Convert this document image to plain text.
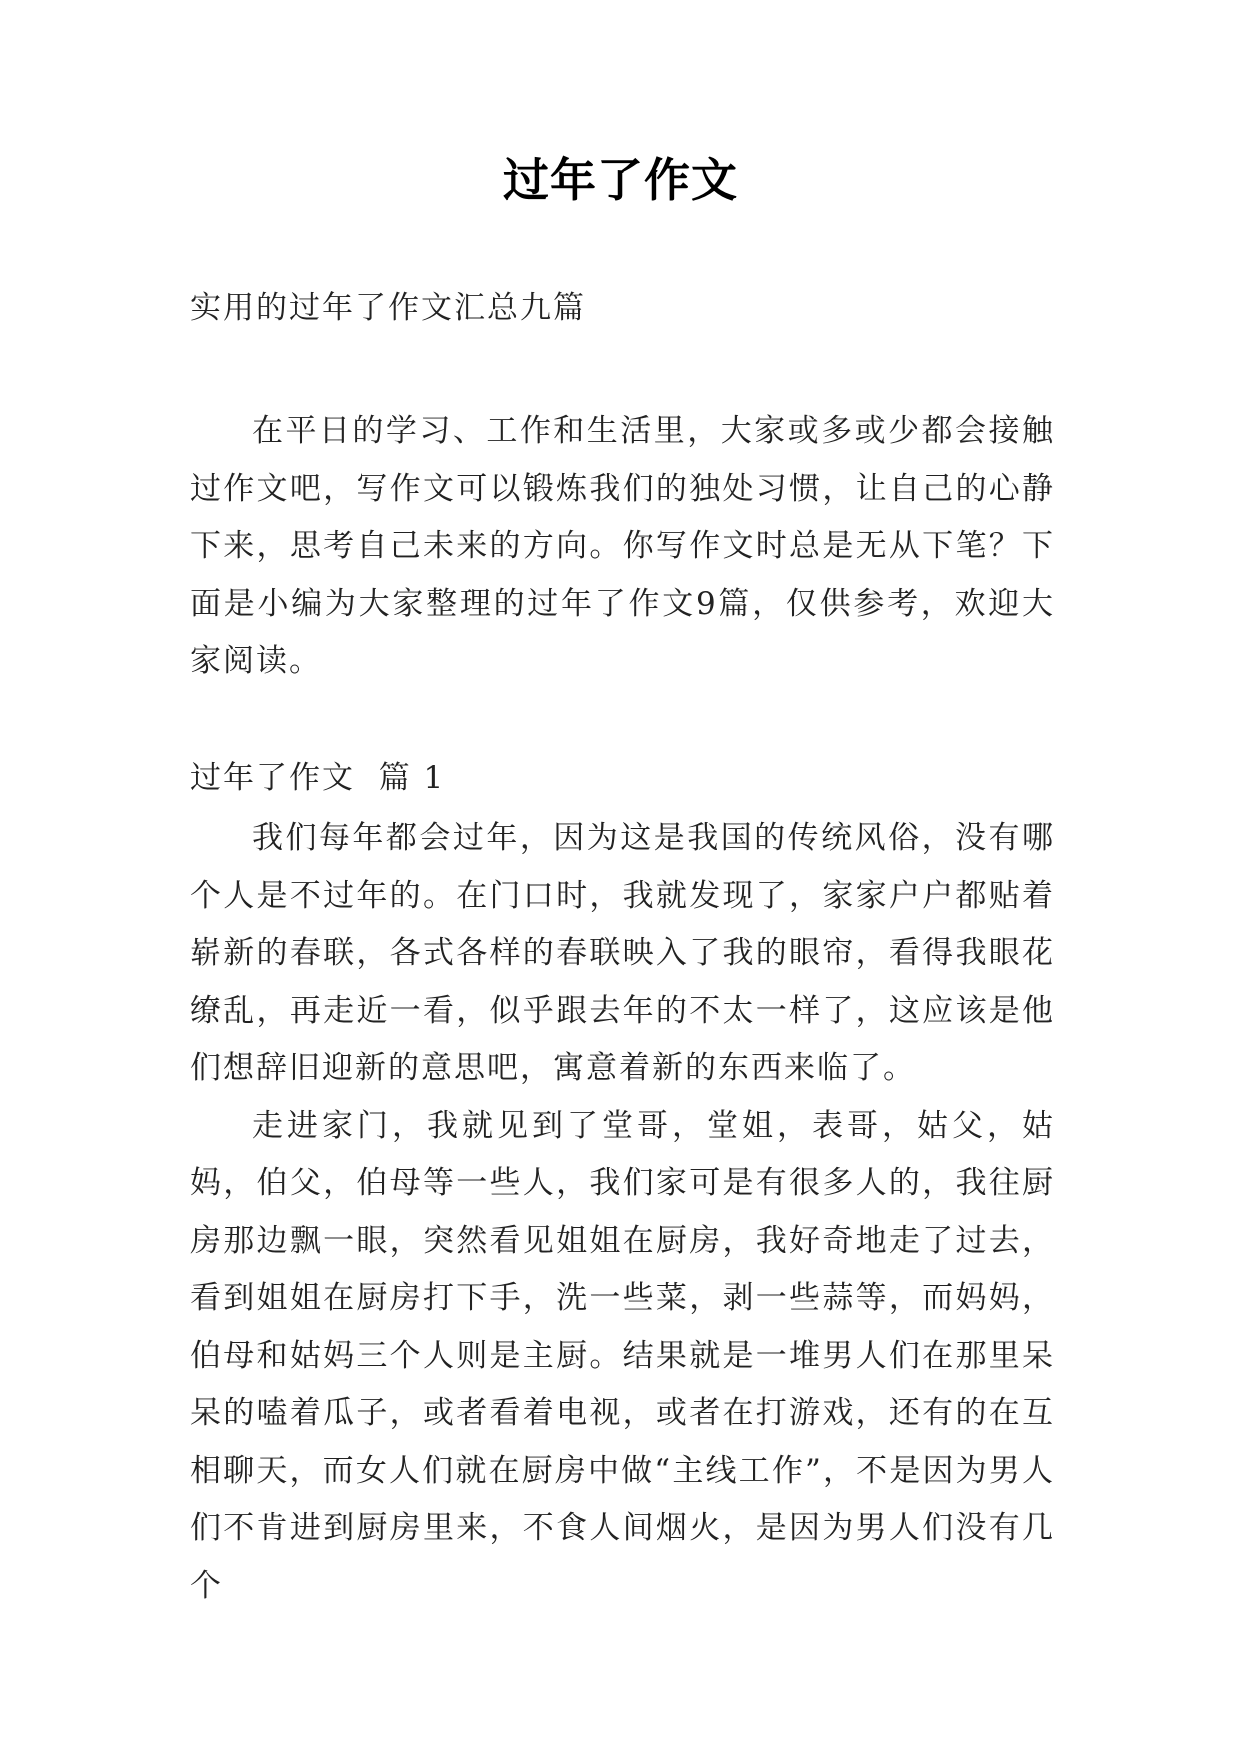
过年了作文
实用的过年了作文汇总九篇

在平日的学习、工作和生活里，大家或多或少都会接触过作文吧，写作文可以锻炼我们的独处习惯，让自己的心静下来，思考自己未来的方向。你写作文时总是无从下笔？下面是小编为大家整理的过年了作文9篇，仅供参考，欢迎大家阅读。

过年了作文  篇 1

我们每年都会过年，因为这是我国的传统风俗，没有哪个人是不过年的。在门口时，我就发现了，家家户户都贴着崭新的春联，各式各样的春联映入了我的眼帘，看得我眼花缭乱，再走近一看，似乎跟去年的不太一样了，这应该是他们想辞旧迎新的意思吧，寓意着新的东西来临了。

走进家门，我就见到了堂哥，堂姐，表哥，姑父，姑妈，伯父，伯母等一些人，我们家可是有很多人的，我往厨房那边飘一眼，突然看见姐姐在厨房，我好奇地走了过去，看到姐姐在厨房打下手，洗一些菜，剥一些蒜等，而妈妈，伯母和姑妈三个人则是主厨。结果就是一堆男人们在那里呆呆的嗑着瓜子，或者看着电视，或者在打游戏，还有的在互相聊天，而女人们就在厨房中做“主线工作”，不是因为男人们不肯进到厨房里来，不食人间烟火，是因为男人们没有几个
